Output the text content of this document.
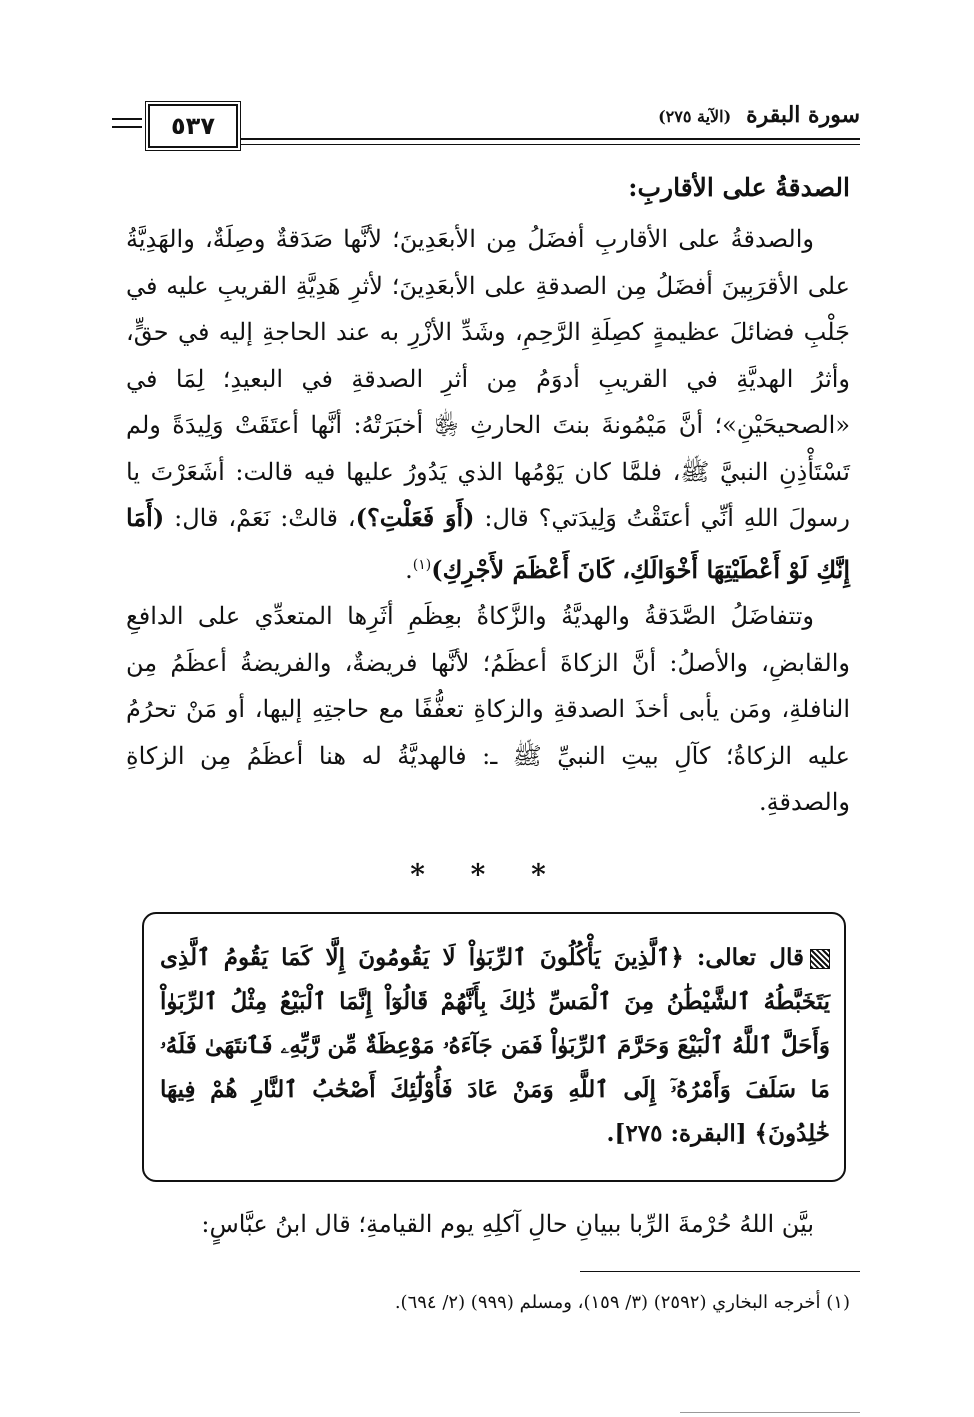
٥٣٧	سورة البقرة (الآية ٢٧٥)
الصدقةُ على الأقاربِ:

والصدقةُ على الأقاربِ أفضَلُ مِن الأبعَدِينَ؛ لأنَّها صَدَقةٌ وصِلَةٌ، والهَدِيَّةُ على الأقرَبِينَ أفضَلُ مِن الصدقةِ على الأبعَدِينَ؛ لأثرِ هَدِيَّةِ القريبِ عليه في جَلْبِ فضائلَ عظيمةٍ كصِلَةِ الرَّحِمِ، وشَدِّ الأزْرِ به عند الحاجةِ إليه في حقٍّ، وأثرُ الهديَّةِ في القريبِ أدوَمُ مِن أثرِ الصدقةِ في البعيدِ؛ لِمَا في «الصحيحَيْنِ»؛ أنَّ مَيْمُونةَ بنتَ الحارثِ ﵂ أخبَرَتْهُ: أنَّها أعتَقَتْ وَلِيدَةً ولم تَسْتَأْذِنِ النبيَّ ﷺ، فلمَّا كان يَوْمُها الذي يَدُورُ عليها فيه قالت: أشَعَرْتَ يا رسولَ اللهِ أنِّي أعتَقْتُ وَلِيدَتي؟ قال: (أَوَ فَعَلْتِ؟)، قالتْ: نَعَمْ، قال: (أَمَا إِنَّكِ لَوْ أَعْطَيْتِهَا أَخْوَالَكِ، كَانَ أَعْظَمَ لأَجْرِكِ)$^{(١)}$.

وتتفاضَلُ الصَّدَقةُ والهديَّةُ والزَّكاةُ بعِظَمِ أثَرِها المتعدِّي على الدافعِ والقابضِ، والأصلُ: أنَّ الزكاةَ أعظَمُ؛ لأنَّها فريضةٌ، والفريضةُ أعظَمُ مِن النافلةِ، ومَن يأبى أخذَ الصدقةِ والزكاةِ تعفُّفًا مع حاجتِهِ إليها، أو مَنْ تحرُمُ عليه الزكاةُ؛ كآلِ بيتِ النبيِّ ﷺ ـ: فالهديَّةُ له هنا أعظَمُ مِن الزكاةِ والصدقةِ.

* * *
قال تعالى: ﴿ٱلَّذِينَ يَأْكُلُونَ ٱلرِّبَوٰاْ لَا يَقُومُونَ إِلَّا كَمَا يَقُومُ ٱلَّذِى يَتَخَبَّطُهُ ٱلشَّيْطَٰنُ مِنَ ٱلْمَسِّ ذَٰلِكَ بِأَنَّهُمْ قَالُوٓاْ إِنَّمَا ٱلْبَيْعُ مِثْلُ ٱلرِّبَوٰاْ وَأَحَلَّ ٱللَّهُ ٱلْبَيْعَ وَحَرَّمَ ٱلرِّبَوٰاْ فَمَن جَآءَهُۥ مَوْعِظَةٌ مِّن رَّبِّهِۦ فَٱنتَهَىٰ فَلَهُۥ مَا سَلَفَ وَأَمْرُهُۥٓ إِلَى ٱللَّهِ وَمَنْ عَادَ فَأُوْلَٰٓئِكَ أَصْحَٰبُ ٱلنَّارِ هُمْ فِيهَا خَٰلِدُونَ﴾ [البقرة: ٢٧٥].
بيَّن اللهُ حُرْمةَ الرِّبا ببيانِ حالِ آكلِهِ يوم القيامةِ؛ قال ابنُ عبَّاسٍ:
(١) أخرجه البخاري (٢٥٩٢) (٣/ ١٥٩)، ومسلم (٩٩٩) (٢/ ٦٩٤).
